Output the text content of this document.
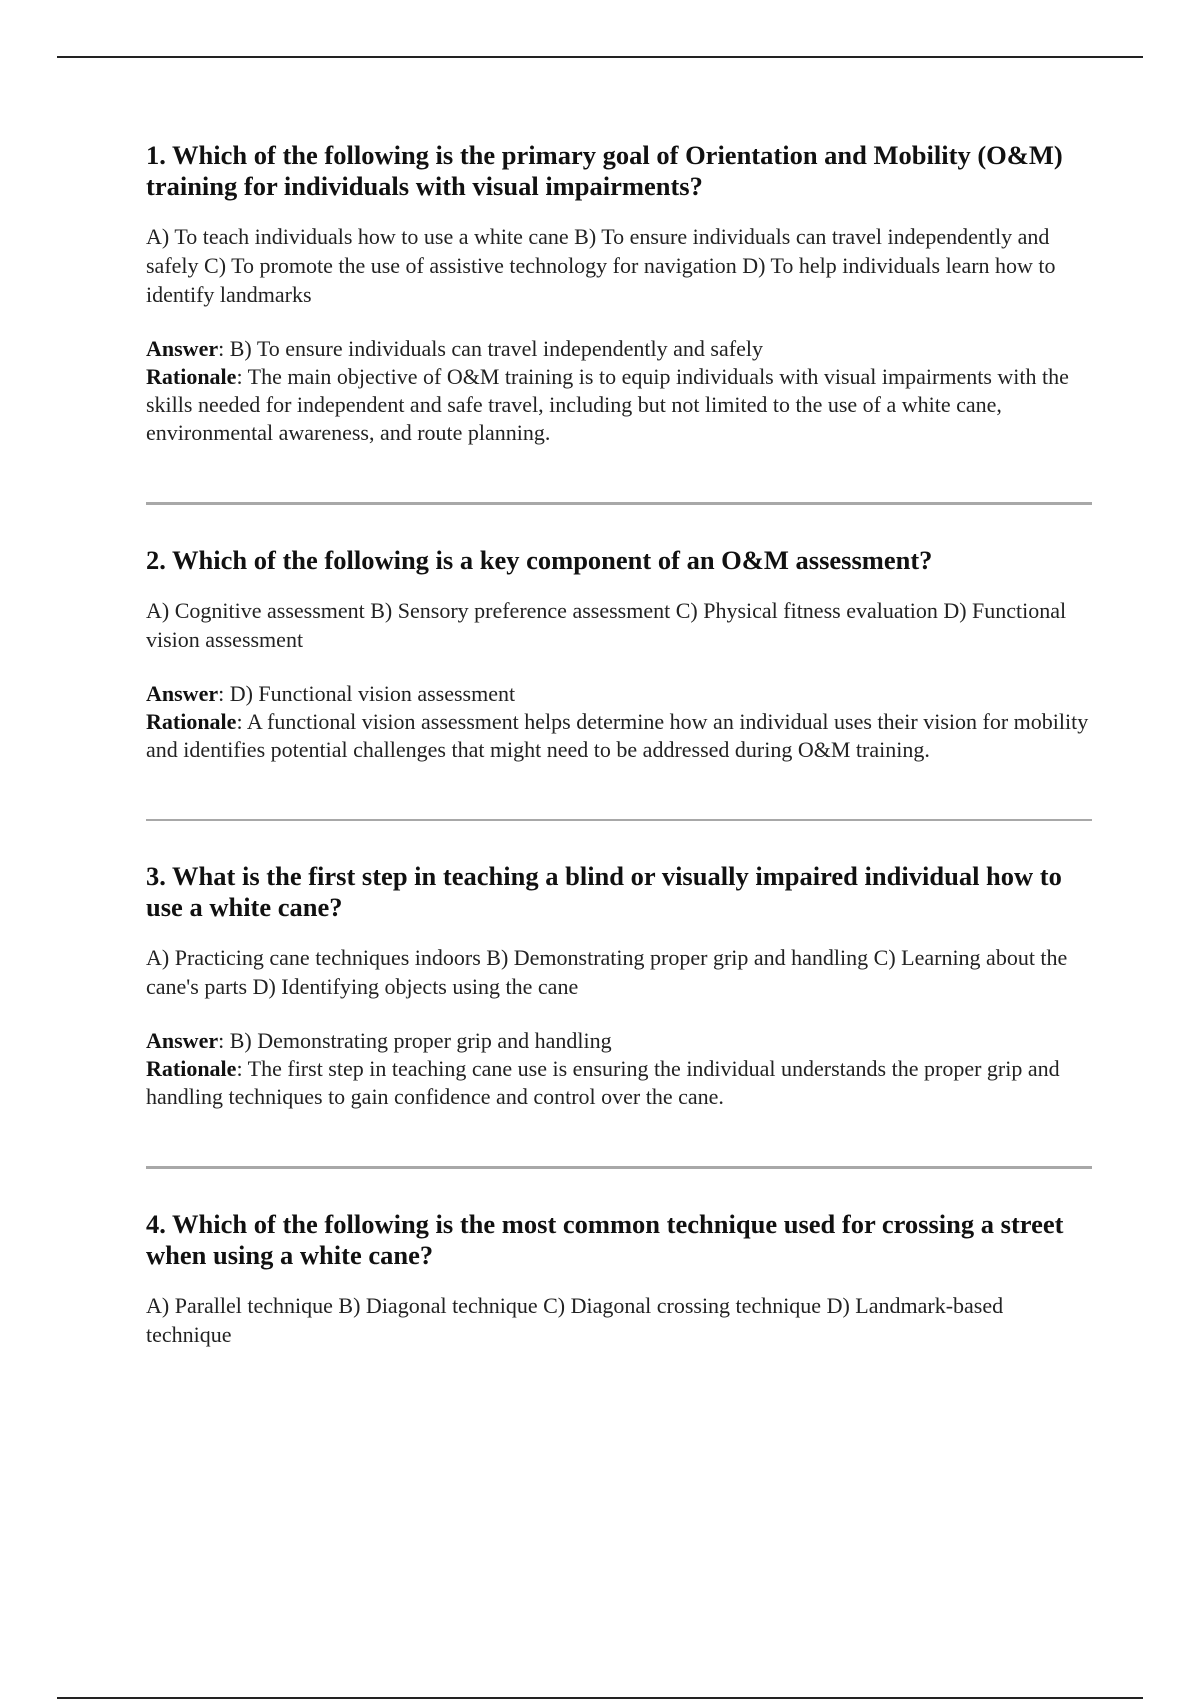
1. Which of the following is the primary goal of Orientation and Mobility (O&M) training for individuals with visual impairments?

A) To teach individuals how to use a white cane B) To ensure individuals can travel independently and safely C) To promote the use of assistive technology for navigation D) To help individuals learn how to identify landmarks

Answer: B) To ensure individuals can travel independently and safely

Rationale: The main objective of O&M training is to equip individuals with visual impairments with the skills needed for independent and safe travel, including but not limited to the use of a white cane, environmental awareness, and route planning.

2. Which of the following is a key component of an O&M assessment?

A) Cognitive assessment B) Sensory preference assessment C) Physical fitness evaluation D) Functional vision assessment

Answer: D) Functional vision assessment

Rationale: A functional vision assessment helps determine how an individual uses their vision for mobility and identifies potential challenges that might need to be addressed during O&M training.

3. What is the first step in teaching a blind or visually impaired individual how to use a white cane?

A) Practicing cane techniques indoors B) Demonstrating proper grip and handling C) Learning about the cane's parts D) Identifying objects using the cane

Answer: B) Demonstrating proper grip and handling

Rationale: The first step in teaching cane use is ensuring the individual understands the proper grip and handling techniques to gain confidence and control over the cane.

4. Which of the following is the most common technique used for crossing a street when using a white cane?

A) Parallel technique B) Diagonal technique C) Diagonal crossing technique D) Landmark-based technique
